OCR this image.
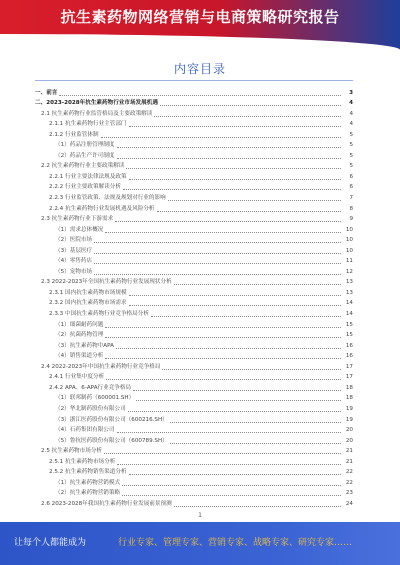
抗生素药物网络营销与电商策略研究报告
内容目录
一、前言	3
二、2023-2028年抗生素药物行业市场发展机遇	4
2.1 抗生素药物行业监管格局及主要政策解读	4
2.1.1 抗生素药物行业主管部门	4
2.1.2 行业监管体制	5
（1）药品注册管理制度	5
（2）药品生产许可制度	5
2.2 抗生素药物行业主要政策解读	5
2.2.1 行业主要法律法规及政策	6
2.2.2 行业主要政策解读分析	6
2.2.3 行业监管政策、法规及规划对行业的影响	7
2.2.4 抗生素药物行业发展机遇及风险分析	8
2.3 抗生素药物行业下游需求	9
（1）需求总体概况	10
（2）医院市场	10
（3）基层医疗	10
（4）零售药店	11
（5）宠物市场	12
2.3 2022-2023年全国抗生素药物行业发展现状分析	13
2.3.1 国内抗生素药物市场规模	13
2.3.2 国内抗生素药物市场需求	14
2.3.3 中国抗生素药物行业竞争格局分析	14
（1）细菌耐药问题	15
（2）抗菌药物管理	15
（3）抗生素药物中APA	16
（4）销售渠道分析	16
2.4 2022-2023年中国抗生素药物行业竞争格局	17
2.4.1 行业集中度分析	17
2.4.2 APA、6-APA行业竞争格局	18
（1）联邦制药（600001.SH）	18
（2）华北制药股份有限公司	19
（3）浙江医药股份有限公司（600216.SH）	19
（4）石药集团有限公司	20
（5）鲁抗医药股份有限公司（600789.SH）	20
2.5 抗生素药物市场分析	21
2.5.1 抗生素药物市场分析	21
2.5.2 抗生素药物销售渠道分析	22
（1）抗生素药物营销模式	22
（2）抗生素药物营销策略	23
2.6 2023-2028年我国抗生素药物行业发展前景预测	24
1
让每个人都能成为	行业专家、管理专家、营销专家、战略专家、研究专家……
